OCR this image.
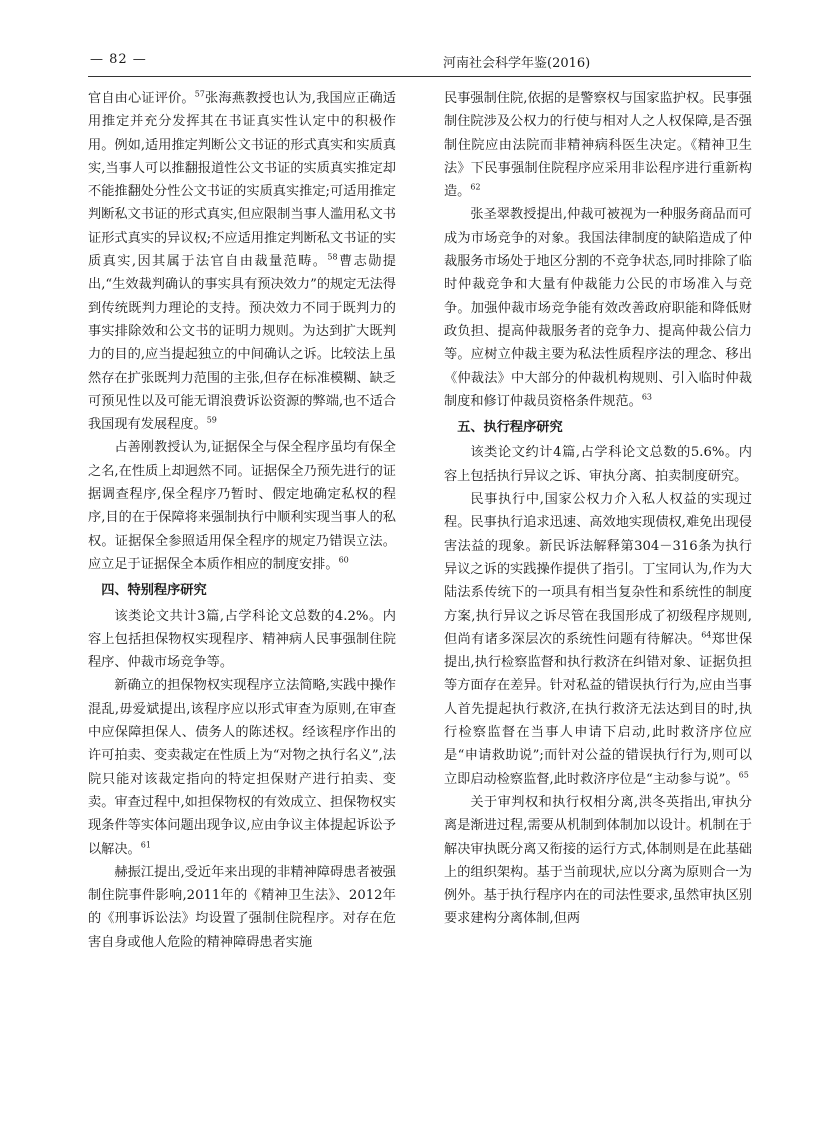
— 82 —	河南社会科学年鉴(2016)

官自由心证评价。$^{57}$张海燕教授也认为,我国应正确适用推定并充分发挥其在书证真实性认定中的积极作用。例如,适用推定判断公文书证的形式真实和实质真实,当事人可以推翻报道性公文书证的实质真实推定却不能推翻处分性公文书证的实质真实推定;可适用推定判断私文书证的形式真实,但应限制当事人滥用私文书证形式真实的异议权;不应适用推定判断私文书证的实质真实,因其属于法官自由裁量范畴。$^{58}$曹志勋提出,“生效裁判确认的事实具有预决效力”的规定无法得到传统既判力理论的支持。预决效力不同于既判力的事实排除效和公文书的证明力规则。为达到扩大既判力的目的,应当提起独立的中间确认之诉。比较法上虽然存在扩张既判力范围的主张,但存在标准模糊、缺乏可预见性以及可能无谓浪费诉讼资源的弊端,也不适合我国现有发展程度。$^{59}$

占善刚教授认为,证据保全与保全程序虽均有保全之名,在性质上却迥然不同。证据保全乃预先进行的证据调查程序,保全程序乃暂时、假定地确定私权的程序,目的在于保障将来强制执行中顺利实现当事人的私权。证据保全参照适用保全程序的规定乃错误立法。应立足于证据保全本质作相应的制度安排。$^{60}$

四、特别程序研究

该类论文共计3篇,占学科论文总数的4.2%。内容上包括担保物权实现程序、精神病人民事强制住院程序、仲裁市场竞争等。

新确立的担保物权实现程序立法简略,实践中操作混乱,毋爱斌提出,该程序应以形式审查为原则,在审查中应保障担保人、债务人的陈述权。经该程序作出的许可拍卖、变卖裁定在性质上为“对物之执行名义”,法院只能对该裁定指向的特定担保财产进行拍卖、变卖。审查过程中,如担保物权的有效成立、担保物权实现条件等实体问题出现争议,应由争议主体提起诉讼予以解决。$^{61}$

赫振江提出,受近年来出现的非精神障碍患者被强制住院事件影响,2011年的《精神卫生法》、2012年的《刑事诉讼法》均设置了强制住院程序。对存在危害自身或他人危险的精神障碍患者实施

民事强制住院,依据的是警察权与国家监护权。民事强制住院涉及公权力的行使与相对人之人权保障,是否强制住院应由法院而非精神病科医生决定。《精神卫生法》下民事强制住院程序应采用非讼程序进行重新构造。$^{62}$

张圣翠教授提出,仲裁可被视为一种服务商品而可成为市场竞争的对象。我国法律制度的缺陷造成了仲裁服务市场处于地区分割的不竞争状态,同时排除了临时仲裁竞争和大量有仲裁能力公民的市场准入与竞争。加强仲裁市场竞争能有效改善政府职能和降低财政负担、提高仲裁服务者的竞争力、提高仲裁公信力等。应树立仲裁主要为私法性质程序法的理念、移出《仲裁法》中大部分的仲裁机构规则、引入临时仲裁制度和修订仲裁员资格条件规范。$^{63}$

五、执行程序研究

该类论文约计4篇,占学科论文总数的5.6%。内容上包括执行异议之诉、审执分离、拍卖制度研究。

民事执行中,国家公权力介入私人权益的实现过程。民事执行追求迅速、高效地实现债权,难免出现侵害法益的现象。新民诉法解释第304－316条为执行异议之诉的实践操作提供了指引。丁宝同认为,作为大陆法系传统下的一项具有相当复杂性和系统性的制度方案,执行异议之诉尽管在我国形成了初级程序规则,但尚有诸多深层次的系统性问题有待解决。$^{64}$郑世保提出,执行检察监督和执行救济在纠错对象、证据负担等方面存在差异。针对私益的错误执行行为,应由当事人首先提起执行救济,在执行救济无法达到目的时,执行检察监督在当事人申请下启动,此时救济序位应是“申请救助说”;而针对公益的错误执行行为,则可以立即启动检察监督,此时救济序位是“主动参与说”。$^{65}$

关于审判权和执行权相分离,洪冬英指出,审执分离是渐进过程,需要从机制到体制加以设计。机制在于解决审执既分离又衔接的运行方式,体制则是在此基础上的组织架构。基于当前现状,应以分离为原则合一为例外。基于执行程序内在的司法性要求,虽然审执区别要求建构分离体制,但两
